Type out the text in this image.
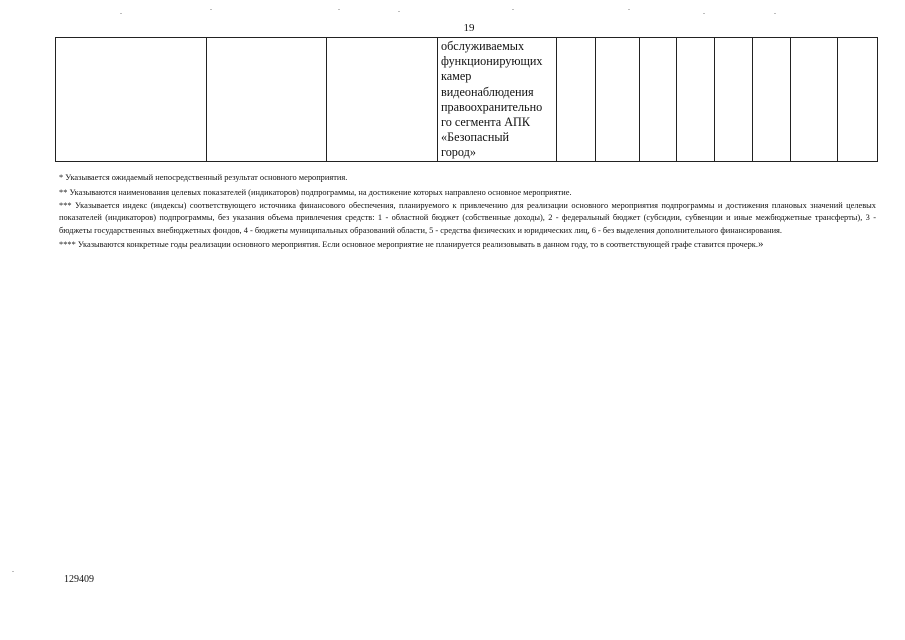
19

обслуживаемых
функционирующих
камер
видеонаблюдения
правоохранительно
го сегмента АПК
«Безопасный
город»

* Указывается ожидаемый непосредственный результат основного мероприятия.

** Указываются наименования целевых показателей (индикаторов) подпрограммы, на достижение которых направлено основное мероприятие.

*** Указывается индекс (индексы) соответствующего источника финансового обеспечения, планируемого к привлечению для реализации основного мероприятия подпрограммы и достижения плановых значений целевых показателей (индикаторов) подпрограммы, без указания объема привлечения средств: 1 - областной бюджет (собственные доходы), 2 - федеральный бюджет (субсидии, субвенции и иные межбюджетные трансферты), 3 - бюджеты государственных внебюджетных фондов, 4 - бюджеты муниципальных образований области, 5 - средства физических и юридических лиц, 6 - без выделения дополнительного финансирования.

**** Указываются конкретные годы реализации основного мероприятия. Если основное мероприятие не планируется реализовывать в данном году, то в соответствующей графе ставится прочерк.»

129409
